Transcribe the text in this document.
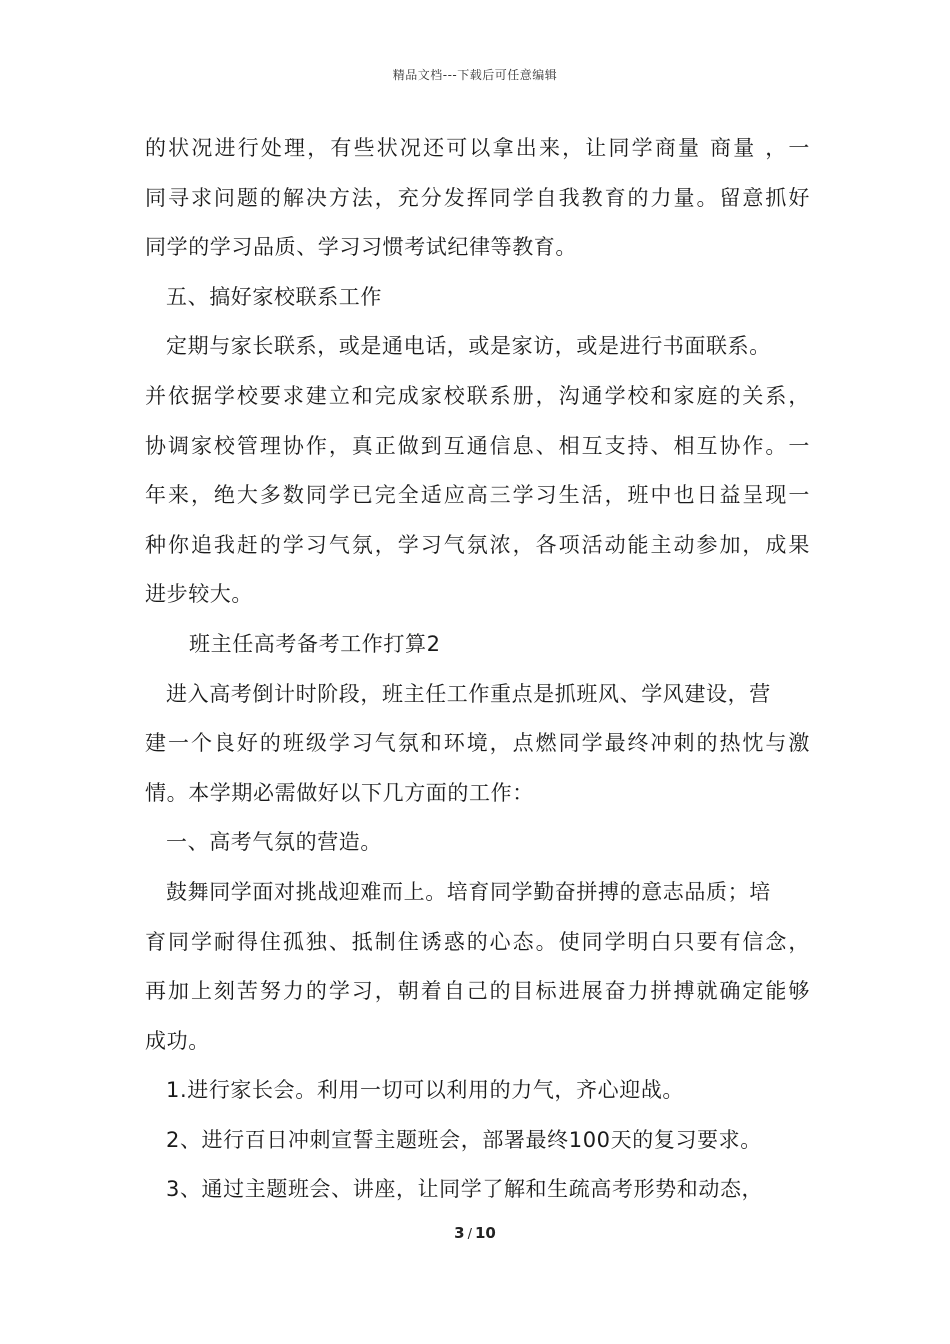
精品文档---下载后可任意编辑
的状况进行处理，有些状况还可以拿出来，让同学商量 商量 ，一
同寻求问题的解决方法，充分发挥同学自我教育的力量。留意抓好
同学的学习品质、学习习惯考试纪律等教育。
五、搞好家校联系工作
定期与家长联系，或是通电话，或是家访，或是进行书面联系。
并依据学校要求建立和完成家校联系册，沟通学校和家庭的关系，
协调家校管理协作，真正做到互通信息、相互支持、相互协作。一
年来，绝大多数同学已完全适应高三学习生活，班中也日益呈现一
种你追我赶的学习气氛，学习气氛浓，各项活动能主动参加，成果
进步较大。
班主任高考备考工作打算2
进入高考倒计时阶段，班主任工作重点是抓班风、学风建设，营
建一个良好的班级学习气氛和环境，点燃同学最终冲刺的热忱与激
情。本学期必需做好以下几方面的工作：
一、高考气氛的营造。
鼓舞同学面对挑战迎难而上。培育同学勤奋拼搏的意志品质；培
育同学耐得住孤独、抵制住诱惑的心态。使同学明白只要有信念，
再加上刻苦努力的学习，朝着自己的目标进展奋力拼搏就确定能够
成功。
1.进行家长会。利用一切可以利用的力气，齐心迎战。
2、进行百日冲刺宣誓主题班会，部署最终100天的复习要求。
3、通过主题班会、讲座，让同学了解和生疏高考形势和动态，
3 / 10
